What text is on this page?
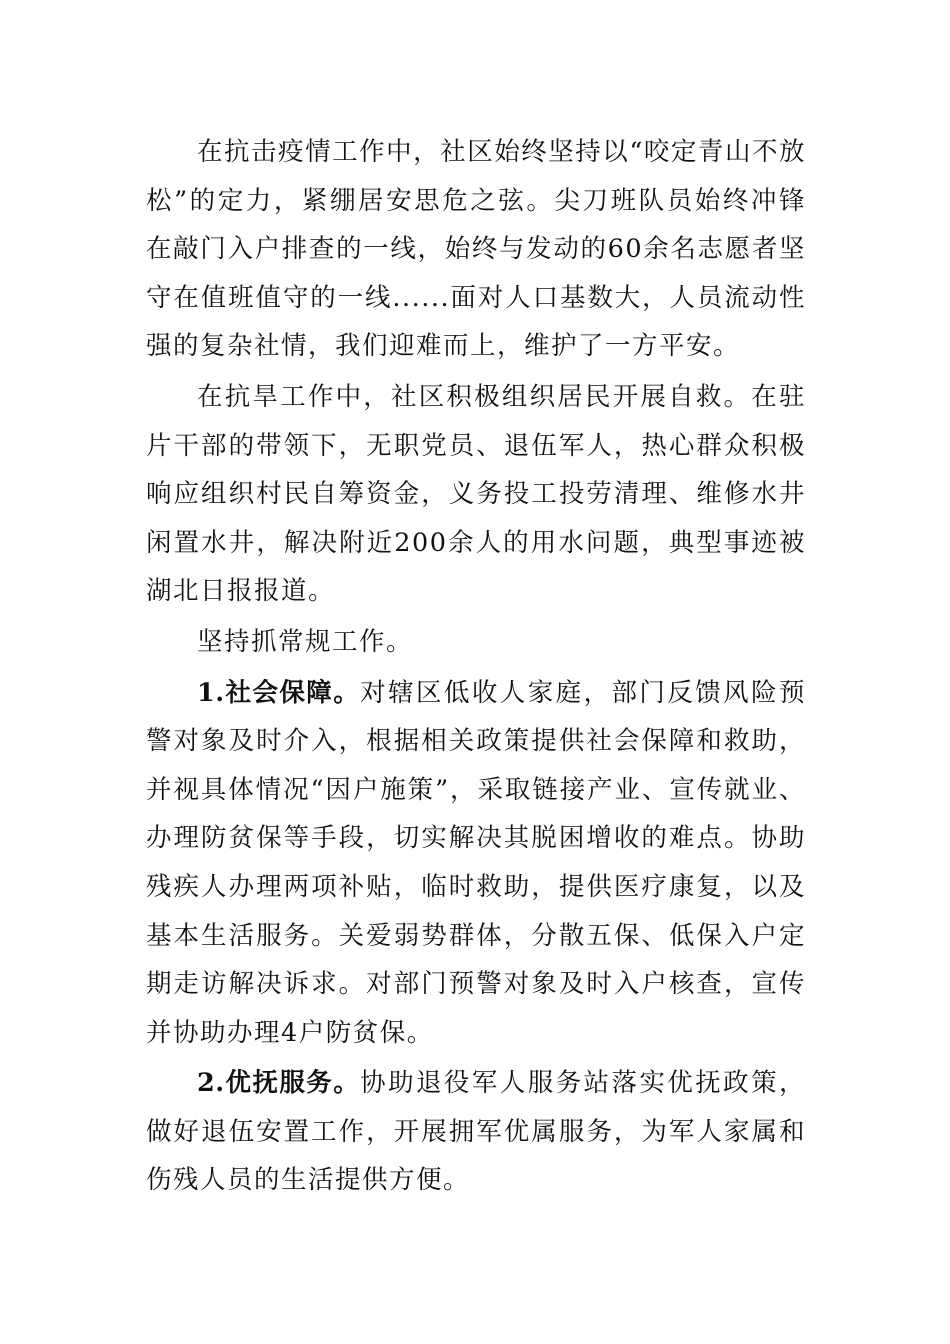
在抗击疫情工作中，社区始终坚持以“咬定青山不放松”的定力，紧绷居安思危之弦。尖刀班队员始终冲锋在敲门入户排查的一线，始终与发动的60余名志愿者坚守在值班值守的一线......面对人口基数大，人员流动性强的复杂社情，我们迎难而上，维护了一方平安。

在抗旱工作中，社区积极组织居民开展自救。在驻片干部的带领下，无职党员、退伍军人，热心群众积极响应组织村民自筹资金，义务投工投劳清理、维修水井闲置水井，解决附近200余人的用水问题，典型事迹被湖北日报报道。

坚持抓常规工作。

1.社会保障。对辖区低收人家庭，部门反馈风险预警对象及时介入，根据相关政策提供社会保障和救助，并视具体情况“因户施策”，采取链接产业、宣传就业、办理防贫保等手段，切实解决其脱困增收的难点。协助残疾人办理两项补贴，临时救助，提供医疗康复，以及基本生活服务。关爱弱势群体，分散五保、低保入户定期走访解决诉求。对部门预警对象及时入户核查，宣传并协助办理4户防贫保。

2.优抚服务。协助退役军人服务站落实优抚政策，做好退伍安置工作，开展拥军优属服务，为军人家属和伤残人员的生活提供方便。
